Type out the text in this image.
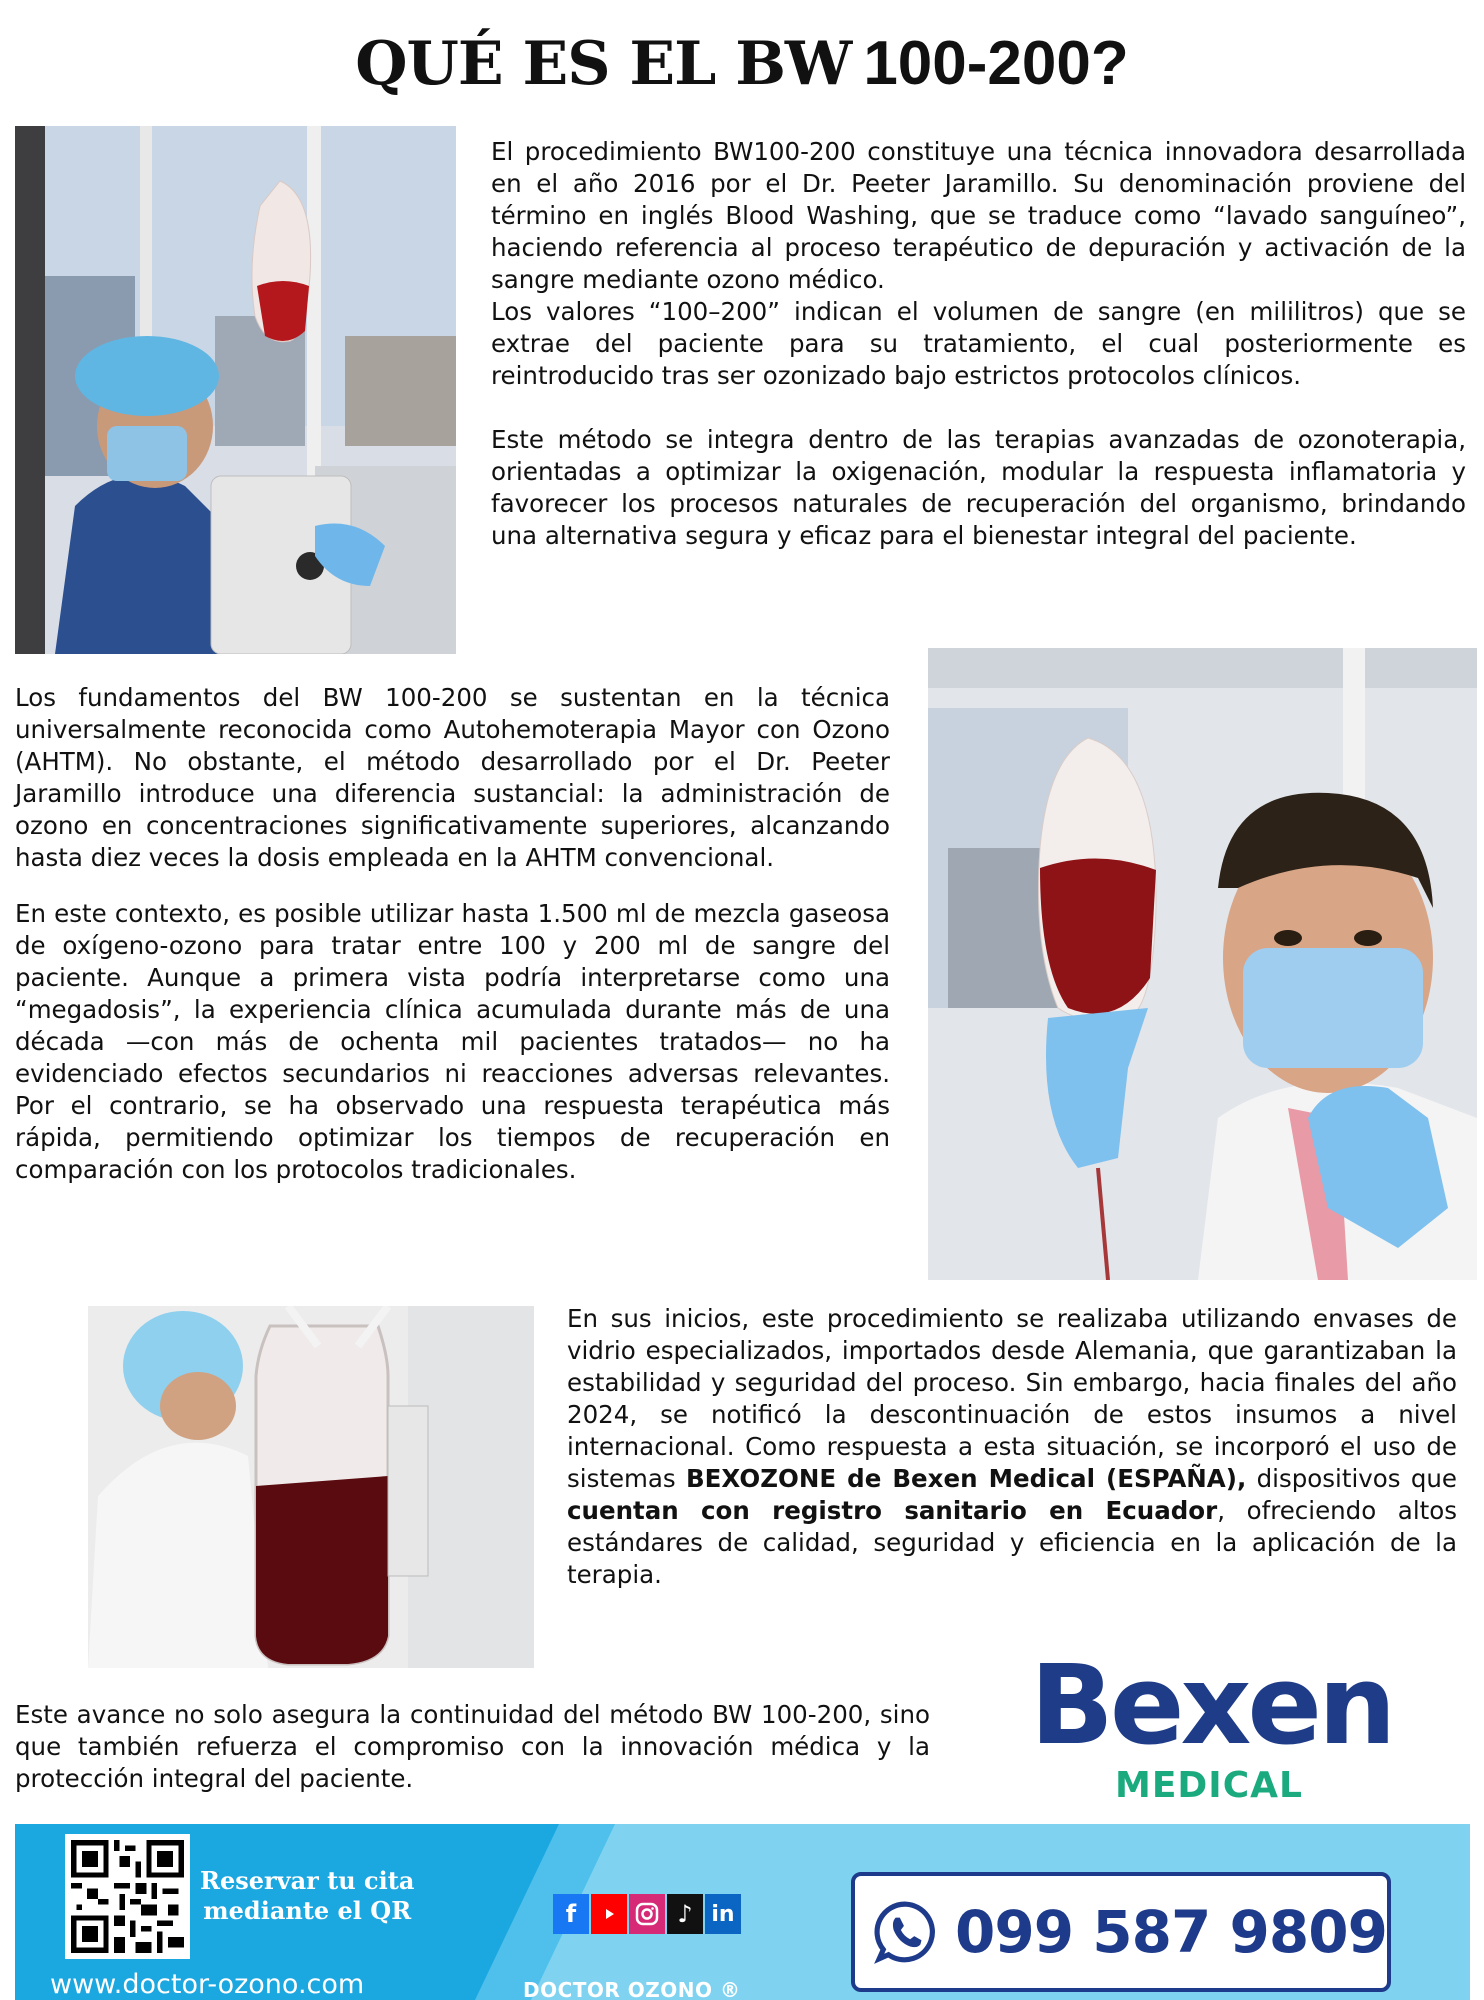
QUÉ ES EL BW 100-200?

El procedimiento BW100-200 constituye una técnica innovadora desarrollada en el año 2016 por el Dr. Peeter Jaramillo. Su denominación proviene del término en inglés Blood Washing, que se traduce como “lavado sanguíneo”, haciendo referencia al proceso terapéutico de depuración y activación de la sangre mediante ozono médico.

Los valores “100–200” indican el volumen de sangre (en mililitros) que se extrae del paciente para su tratamiento, el cual posteriormente es reintroducido tras ser ozonizado bajo estrictos protocolos clínicos.

Este método se integra dentro de las terapias avanzadas de ozonoterapia, orientadas a optimizar la oxigenación, modular la respuesta inflamatoria y favorecer los procesos naturales de recuperación del organismo, brindando una alternativa segura y eficaz para el bienestar integral del paciente.

Los fundamentos del BW 100-200 se sustentan en la técnica universalmente reconocida como Autohemoterapia Mayor con Ozono (AHTM). No obstante, el método desarrollado por el Dr. Peeter Jaramillo introduce una diferencia sustancial: la administración de ozono en concentraciones significativamente superiores, alcanzando hasta diez veces la dosis empleada en la AHTM convencional.

En este contexto, es posible utilizar hasta 1.500 ml de mezcla gaseosa de oxígeno-ozono para tratar entre 100 y 200 ml de sangre del paciente. Aunque a primera vista podría interpretarse como una “megadosis”, la experiencia clínica acumulada durante más de una década —con más de ochenta mil pacientes tratados— no ha evidenciado efectos secundarios ni reacciones adversas relevantes. Por el contrario, se ha observado una respuesta terapéutica más rápida, permitiendo optimizar los tiempos de recuperación en comparación con los protocolos tradicionales.

En sus inicios, este procedimiento se realizaba utilizando envases de vidrio especializados, importados desde Alemania, que garantizaban la estabilidad y seguridad del proceso. Sin embargo, hacia finales del año 2024, se notificó la descontinuación de estos insumos a nivel internacional. Como respuesta a esta situación, se incorporó el uso de sistemas BEXOZONE de Bexen Medical (ESPAÑA), dispositivos que cuentan con registro sanitario en Ecuador, ofreciendo altos estándares de calidad, seguridad y eficiencia en la aplicación de la terapia.

Este avance no solo asegura la continuidad del método BW 100-200, sino que también refuerza el compromiso con la innovación médica y la protección integral del paciente.

Bexen
MEDICAL
Reservar tu cita
mediante el QR
www.doctor-ozono.com
f	♪ in
DOCTOR OZONO ®
099 587 9809
